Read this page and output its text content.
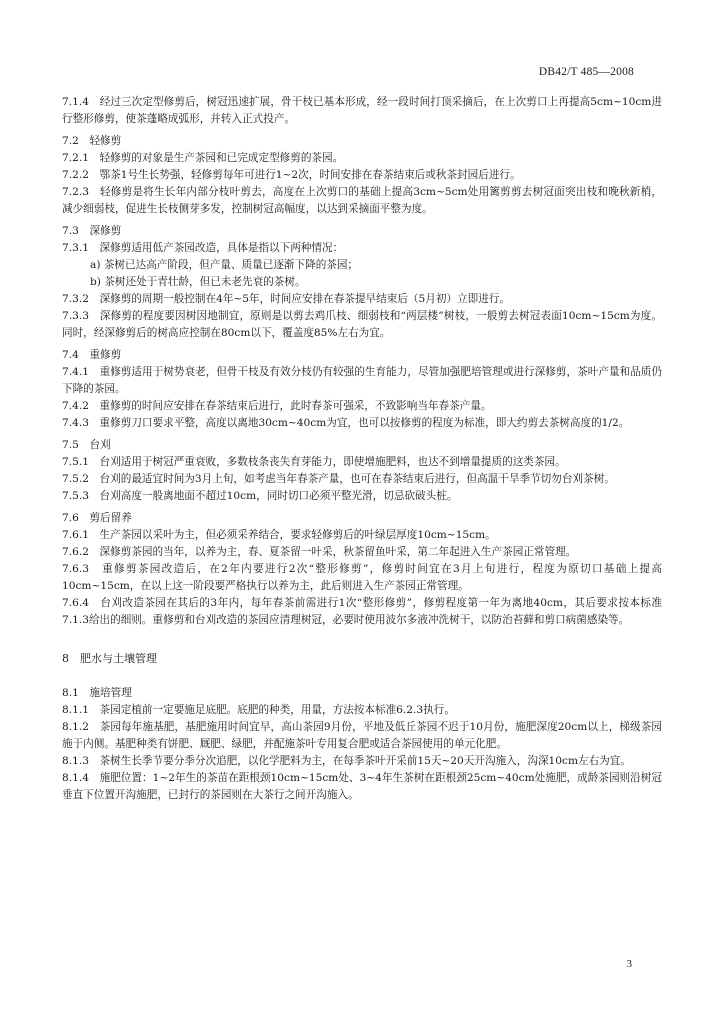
DB42/T 485—2008
7.1.4　经过三次定型修剪后，树冠迅速扩展，骨干枝已基本形成，经一段时间打顶采摘后，在上次剪口上再提高5cm~10cm进行整形修剪，使茶蓬略成弧形，并转入正式投产。
7.2　轻修剪
7.2.1　轻修剪的对象是生产茶园和已完成定型修剪的茶园。
7.2.2　鄂茶1号生长势强，轻修剪每年可进行1~2次，时间安排在春茶结束后或秋茶封园后进行。
7.2.3　轻修剪是将生长年内部分枝叶剪去，高度在上次剪口的基础上提高3cm~5cm处用篱剪剪去树冠面突出枝和晚秋新梢，减少细弱枝，促进生长枝侧芽多发，控制树冠高幅度，以达到采摘面平整为度。
7.3　深修剪
7.3.1　深修剪适用低产茶园改造，具体是指以下两种情况：
a) 茶树已达高产阶段，但产量、质量已逐渐下降的茶园；
b) 茶树还处于青壮龄，但已未老先衰的茶树。
7.3.2　深修剪的周期一般控制在4年~5年，时间应安排在春茶提早结束后（5月初）立即进行。
7.3.3　深修剪的程度要因树因地制宜，原则是以剪去鸡爪枝、细弱枝和“两层楼”树枝，一般剪去树冠表面10cm~15cm为度。同时，经深修剪后的树高应控制在80cm以下，覆盖度85%左右为宜。
7.4　重修剪
7.4.1　重修剪适用于树势衰老，但骨干枝及有效分枝仍有较强的生育能力，尽管加强肥培管理或进行深修剪，茶叶产量和品质仍下降的茶园。
7.4.2　重修剪的时间应安排在春茶结束后进行，此时春茶可强采，不致影响当年春茶产量。
7.4.3　重修剪刀口要求平整，高度以离地30cm~40cm为宜，也可以按修剪的程度为标准，即大约剪去茶树高度的1/2。
7.5　台刈
7.5.1　台刈适用于树冠严重衰败，多数枝条丧失育芽能力，即使增施肥料，也达不到增量提质的这类茶园。
7.5.2　台刈的最适宜时间为3月上旬，如考虑当年春茶产量，也可在春茶结束后进行，但高温干旱季节切勿台刈茶树。
7.5.3　台刈高度一般离地面不超过10cm，同时切口必须平整光滑，切忌砍破头桩。
7.6　剪后留养
7.6.1　生产茶园以采叶为主，但必须采养结合，要求轻修剪后的叶绿层厚度10cm~15cm。
7.6.2　深修剪茶园的当年，以养为主，春、夏茶留一叶采，秋茶留鱼叶采，第二年起进入生产茶园正常管理。
7.6.3　重修剪茶园改造后，在2年内要进行2次“整形修剪”，修剪时间宜在3月上旬进行，程度为原切口基础上提高10cm~15cm，在以上这一阶段要严格执行以养为主，此后则进入生产茶园正常管理。
7.6.4　台刈改造茶园在其后的3年内，每年春茶前需进行1次“整形修剪”，修剪程度第一年为离地40cm，其后要求按本标准7.1.3给出的细则。重修剪和台刈改造的茶园应清理树冠，必要时使用波尔多液冲洗树干，以防治苔藓和剪口病菌感染等。
8　肥水与土壤管理
8.1　施培管理
8.1.1　茶园定植前一定要施足底肥。底肥的种类，用量，方法按本标准6.2.3执行。
8.1.2　茶园每年施基肥，基肥施用时间宜早，高山茶园9月份，平地及低丘茶园不迟于10月份，施肥深度20cm以上，梯级茶园施于内侧。基肥种类有饼肥、厩肥、绿肥，并配施茶叶专用复合肥或适合茶园使用的单元化肥。
8.1.3　茶树生长季节要分季分次追肥，以化学肥料为主，在每季茶叶开采前15天~20天开沟施入，沟深10cm左右为宜。
8.1.4　施肥位置：1~2年生的茶苗在距根颈10cm~15cm处、3~4年生茶树在距根颈25cm~40cm处施肥，成龄茶园则沿树冠垂直下位置开沟施肥，已封行的茶园则在大茶行之间开沟施入。
3
